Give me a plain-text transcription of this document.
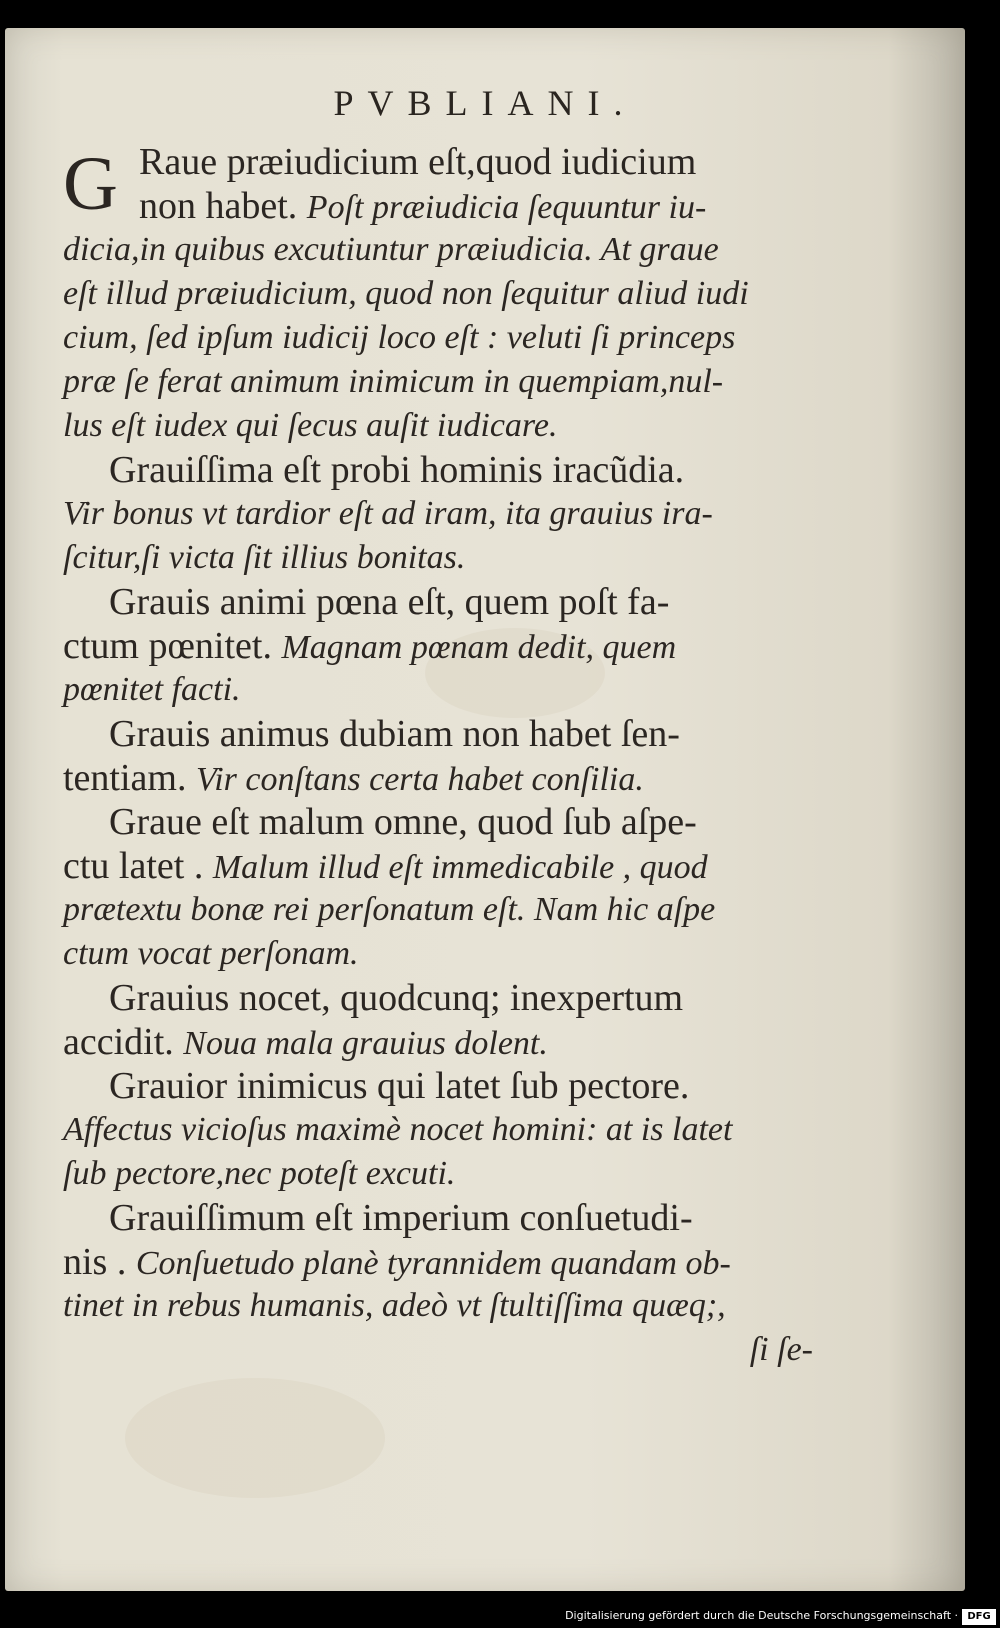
PVBLIANI.
G Raue præiudicium eſt,quod iudicium
non habet. Poſt præiudicia ſequuntur iu-
dicia,in quibus excutiuntur præiudicia. At graue
eſt illud præiudicium, quod non ſequitur aliud iudi
cium, ſed ipſum iudicij loco eſt : veluti ſi princeps
præ ſe ferat animum inimicum in quempiam,nul-
lus eſt iudex qui ſecus auſit iudicare.
Grauiſſima eſt probi hominis iracũdia.
Vir bonus vt tardior eſt ad iram, ita grauius ira-
ſcitur,ſi victa ſit illius bonitas.
Grauis animi pœna eſt, quem poſt fa-
ctum pœnitet. Magnam pœnam dedit, quem
pœnitet facti.
Grauis animus dubiam non habet ſen-
tentiam. Vir conſtans certa habet conſilia.
Graue eſt malum omne, quod ſub aſpe-
ctu latet . Malum illud eſt immedicabile , quod
prætextu bonæ rei perſonatum eſt. Nam hic aſpe
ctum vocat perſonam.
Grauius nocet, quodcunq; inexpertum
accidit. Noua mala grauius dolent.
Grauior inimicus qui latet ſub pectore.
Affectus vicioſus maximè nocet homini: at is latet
ſub pectore,nec poteſt excuti.
Grauiſſimum eſt imperium conſuetudi-
nis . Conſuetudo planè tyrannidem quandam ob-
tinet in rebus humanis, adeò vt ſtultiſſima quæq;,
ſi ſe-
Digitalisierung gefördert durch die Deutsche Forschungsgemeinschaft · DFG
